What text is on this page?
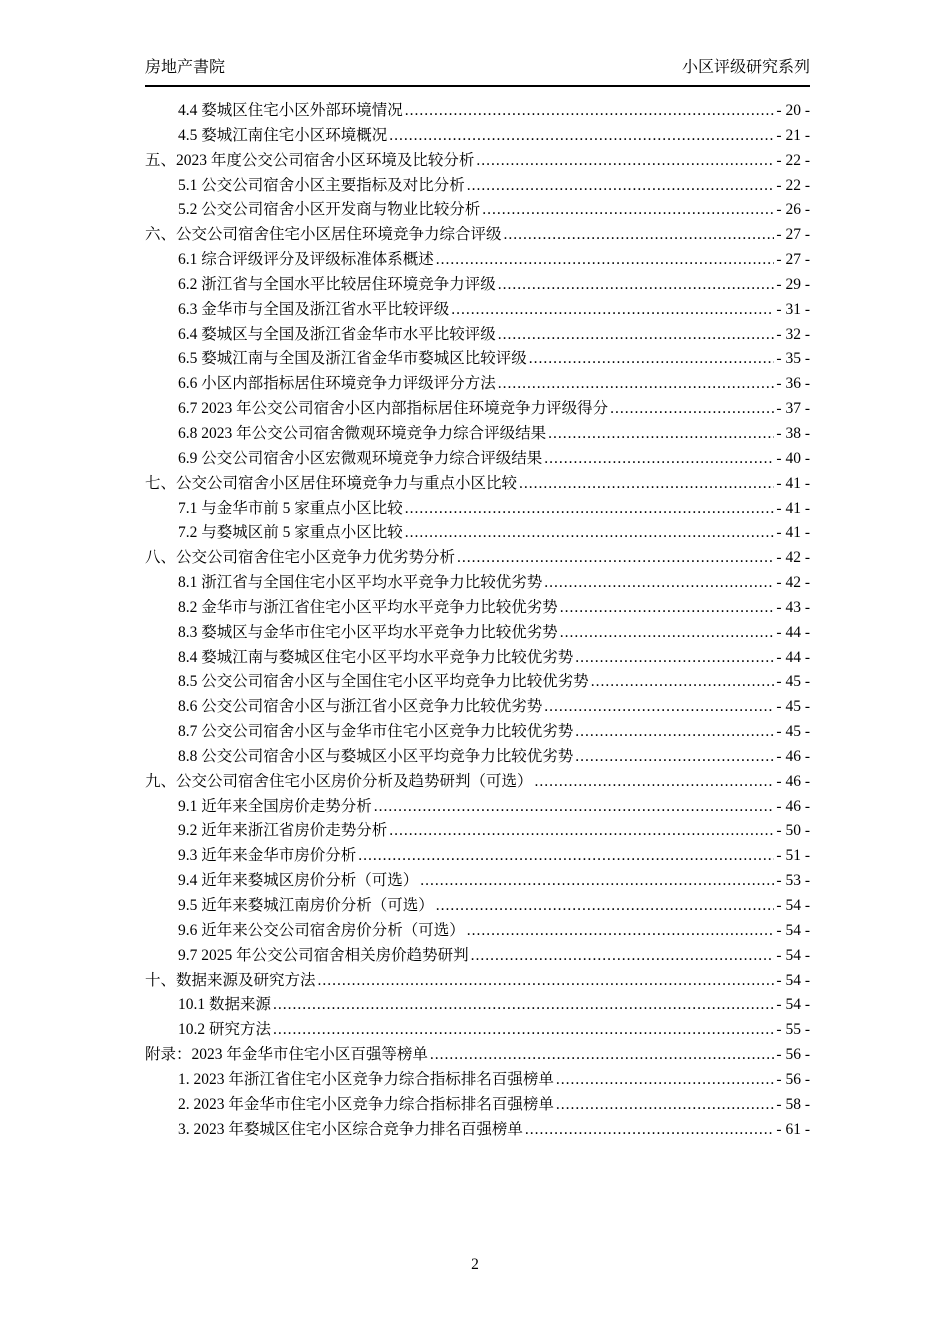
房地产書院	小区评级研究系列
4.4 婺城区住宅小区外部环境情况 .....	- 20 -
4.5 婺城江南住宅小区环境概况 .....	- 21 -
五、2023 年度公交公司宿舍小区环境及比较分析 .....	- 22 -
5.1 公交公司宿舍小区主要指标及对比分析 .....	- 22 -
5.2 公交公司宿舍小区开发商与物业比较分析 .....	- 26 -
六、公交公司宿舍住宅小区居住环境竞争力综合评级 .....	- 27 -
6.1 综合评级评分及评级标准体系概述 .....	- 27 -
6.2 浙江省与全国水平比较居住环境竞争力评级 .....	- 29 -
6.3 金华市与全国及浙江省水平比较评级 .....	- 31 -
6.4 婺城区与全国及浙江省金华市水平比较评级 .....	- 32 -
6.5 婺城江南与全国及浙江省金华市婺城区比较评级 .....	- 35 -
6.6 小区内部指标居住环境竞争力评级评分方法 .....	- 36 -
6.7 2023 年公交公司宿舍小区内部指标居住环境竞争力评级得分 .....	- 37 -
6.8 2023 年公交公司宿舍微观环境竞争力综合评级结果 .....	- 38 -
6.9 公交公司宿舍小区宏微观环境竞争力综合评级结果 .....	- 40 -
七、公交公司宿舍小区居住环境竞争力与重点小区比较 .....	- 41 -
7.1 与金华市前 5 家重点小区比较 .....	- 41 -
7.2 与婺城区前 5 家重点小区比较 .....	- 41 -
八、公交公司宿舍住宅小区竞争力优劣势分析 .....	- 42 -
8.1 浙江省与全国住宅小区平均水平竞争力比较优劣势 .....	- 42 -
8.2 金华市与浙江省住宅小区平均水平竞争力比较优劣势 .....	- 43 -
8.3 婺城区与金华市住宅小区平均水平竞争力比较优劣势 .....	- 44 -
8.4 婺城江南与婺城区住宅小区平均水平竞争力比较优劣势 .....	- 44 -
8.5 公交公司宿舍小区与全国住宅小区平均竞争力比较优劣势 .....	- 45 -
8.6 公交公司宿舍小区与浙江省小区竞争力比较优劣势 .....	- 45 -
8.7 公交公司宿舍小区与金华市住宅小区竞争力比较优劣势 .....	- 45 -
8.8 公交公司宿舍小区与婺城区小区平均竞争力比较优劣势 .....	- 46 -
九、公交公司宿舍住宅小区房价分析及趋势研判（可选） .....	- 46 -
9.1 近年来全国房价走势分析 .....	- 46 -
9.2 近年来浙江省房价走势分析 .....	- 50 -
9.3 近年来金华市房价分析 .....	- 51 -
9.4 近年来婺城区房价分析（可选） .....	- 53 -
9.5 近年来婺城江南房价分析（可选） .....	- 54 -
9.6 近年来公交公司宿舍房价分析（可选） .....	- 54 -
9.7 2025 年公交公司宿舍相关房价趋势研判 .....	- 54 -
十、数据来源及研究方法 .....	- 54 -
10.1 数据来源 .....	- 54 -
10.2 研究方法 .....	- 55 -
附录：2023 年金华市住宅小区百强等榜单 .....	- 56 -
1. 2023 年浙江省住宅小区竞争力综合指标排名百强榜单 .....	- 56 -
2. 2023 年金华市住宅小区竞争力综合指标排名百强榜单 .....	- 58 -
3. 2023 年婺城区住宅小区综合竞争力排名百强榜单 .....	- 61 -
2
